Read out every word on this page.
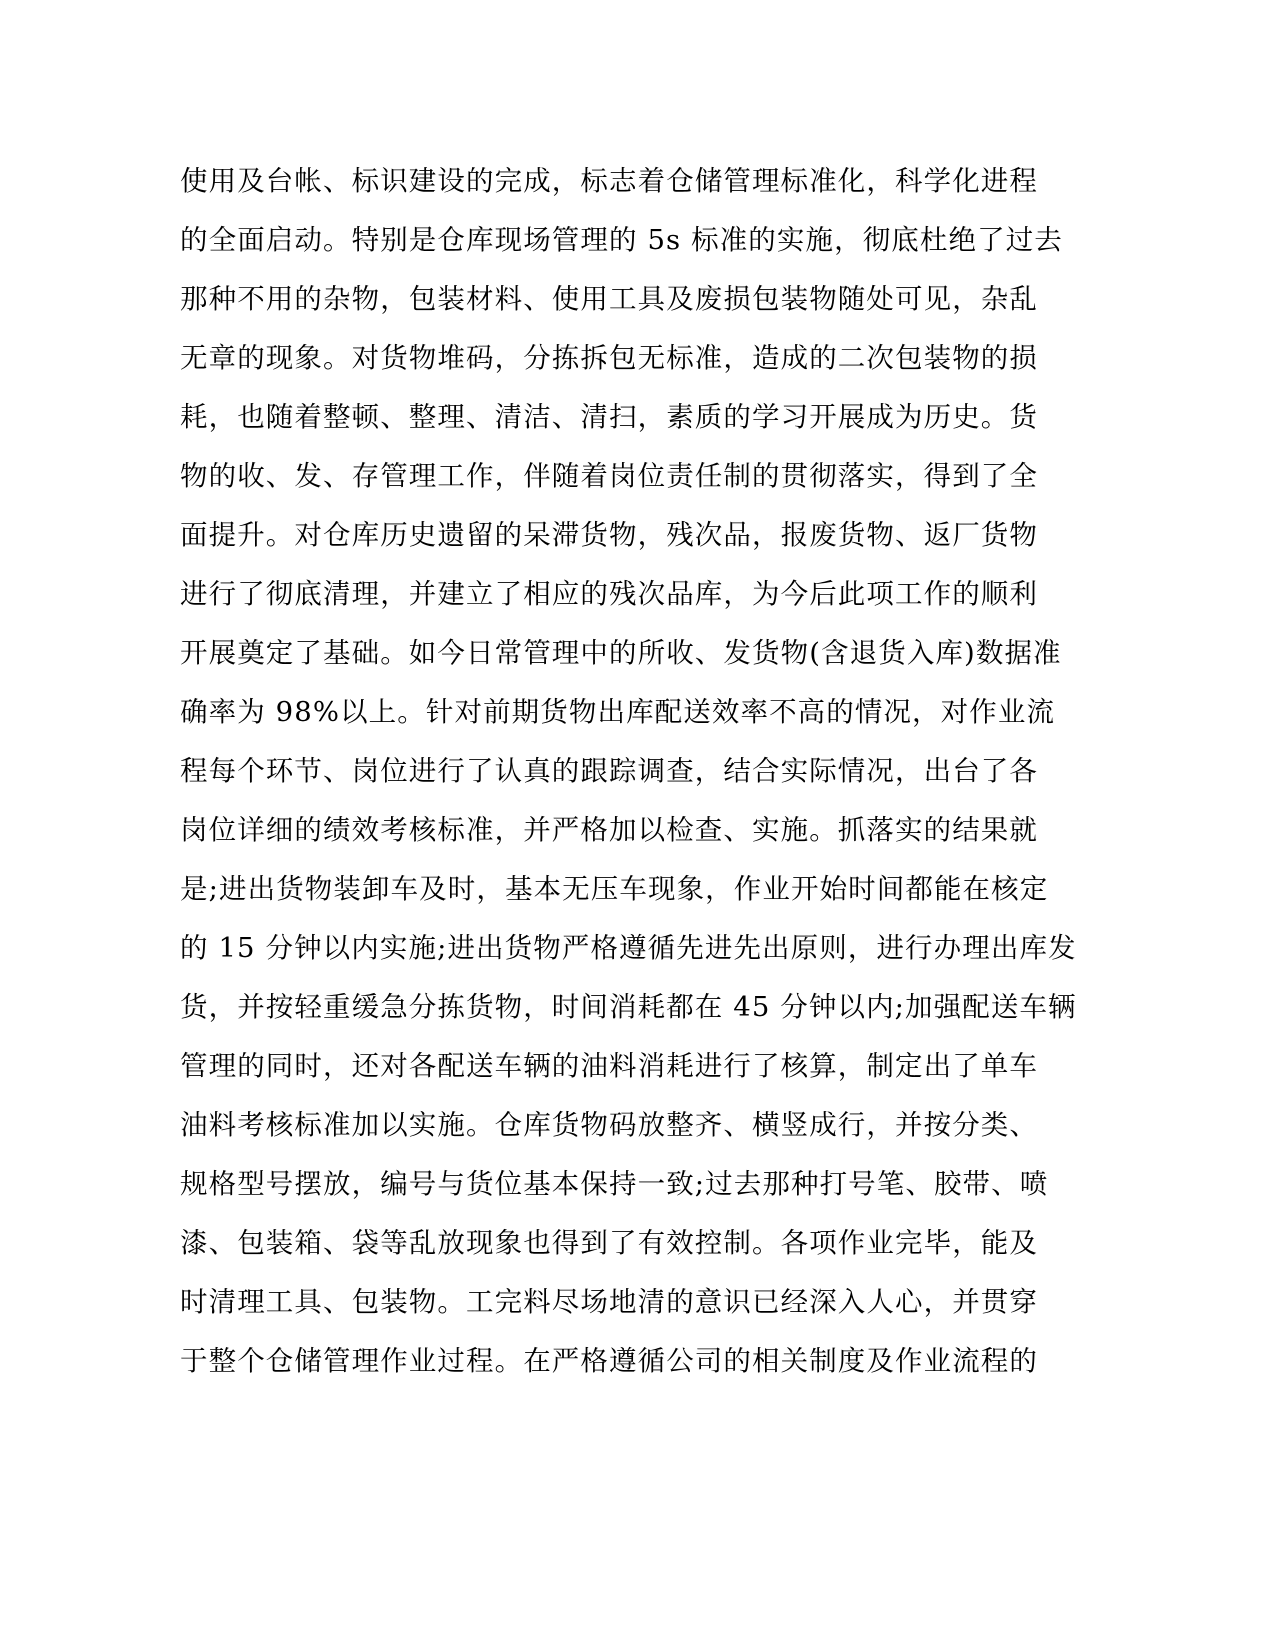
使用及台帐、标识建设的完成，标志着仓储管理标准化，科学化进程
的全面启动。特别是仓库现场管理的 5s 标准的实施，彻底杜绝了过去
那种不用的杂物，包装材料、使用工具及废损包装物随处可见，杂乱
无章的现象。对货物堆码，分拣拆包无标准，造成的二次包装物的损
耗，也随着整顿、整理、清洁、清扫，素质的学习开展成为历史。货
物的收、发、存管理工作，伴随着岗位责任制的贯彻落实，得到了全
面提升。对仓库历史遗留的呆滞货物，残次品，报废货物、返厂货物
进行了彻底清理，并建立了相应的残次品库，为今后此项工作的顺利
开展奠定了基础。如今日常管理中的所收、发货物(含退货入库)数据准
确率为 98%以上。针对前期货物出库配送效率不高的情况，对作业流
程每个环节、岗位进行了认真的跟踪调查，结合实际情况，出台了各
岗位详细的绩效考核标准，并严格加以检查、实施。抓落实的结果就
是;进出货物装卸车及时，基本无压车现象，作业开始时间都能在核定
的 15 分钟以内实施;进出货物严格遵循先进先出原则，进行办理出库发
货，并按轻重缓急分拣货物，时间消耗都在 45 分钟以内;加强配送车辆
管理的同时，还对各配送车辆的油料消耗进行了核算，制定出了单车
油料考核标准加以实施。仓库货物码放整齐、横竖成行，并按分类、
规格型号摆放，编号与货位基本保持一致;过去那种打号笔、胶带、喷
漆、包装箱、袋等乱放现象也得到了有效控制。各项作业完毕，能及
时清理工具、包装物。工完料尽场地清的意识已经深入人心，并贯穿
于整个仓储管理作业过程。在严格遵循公司的相关制度及作业流程的
